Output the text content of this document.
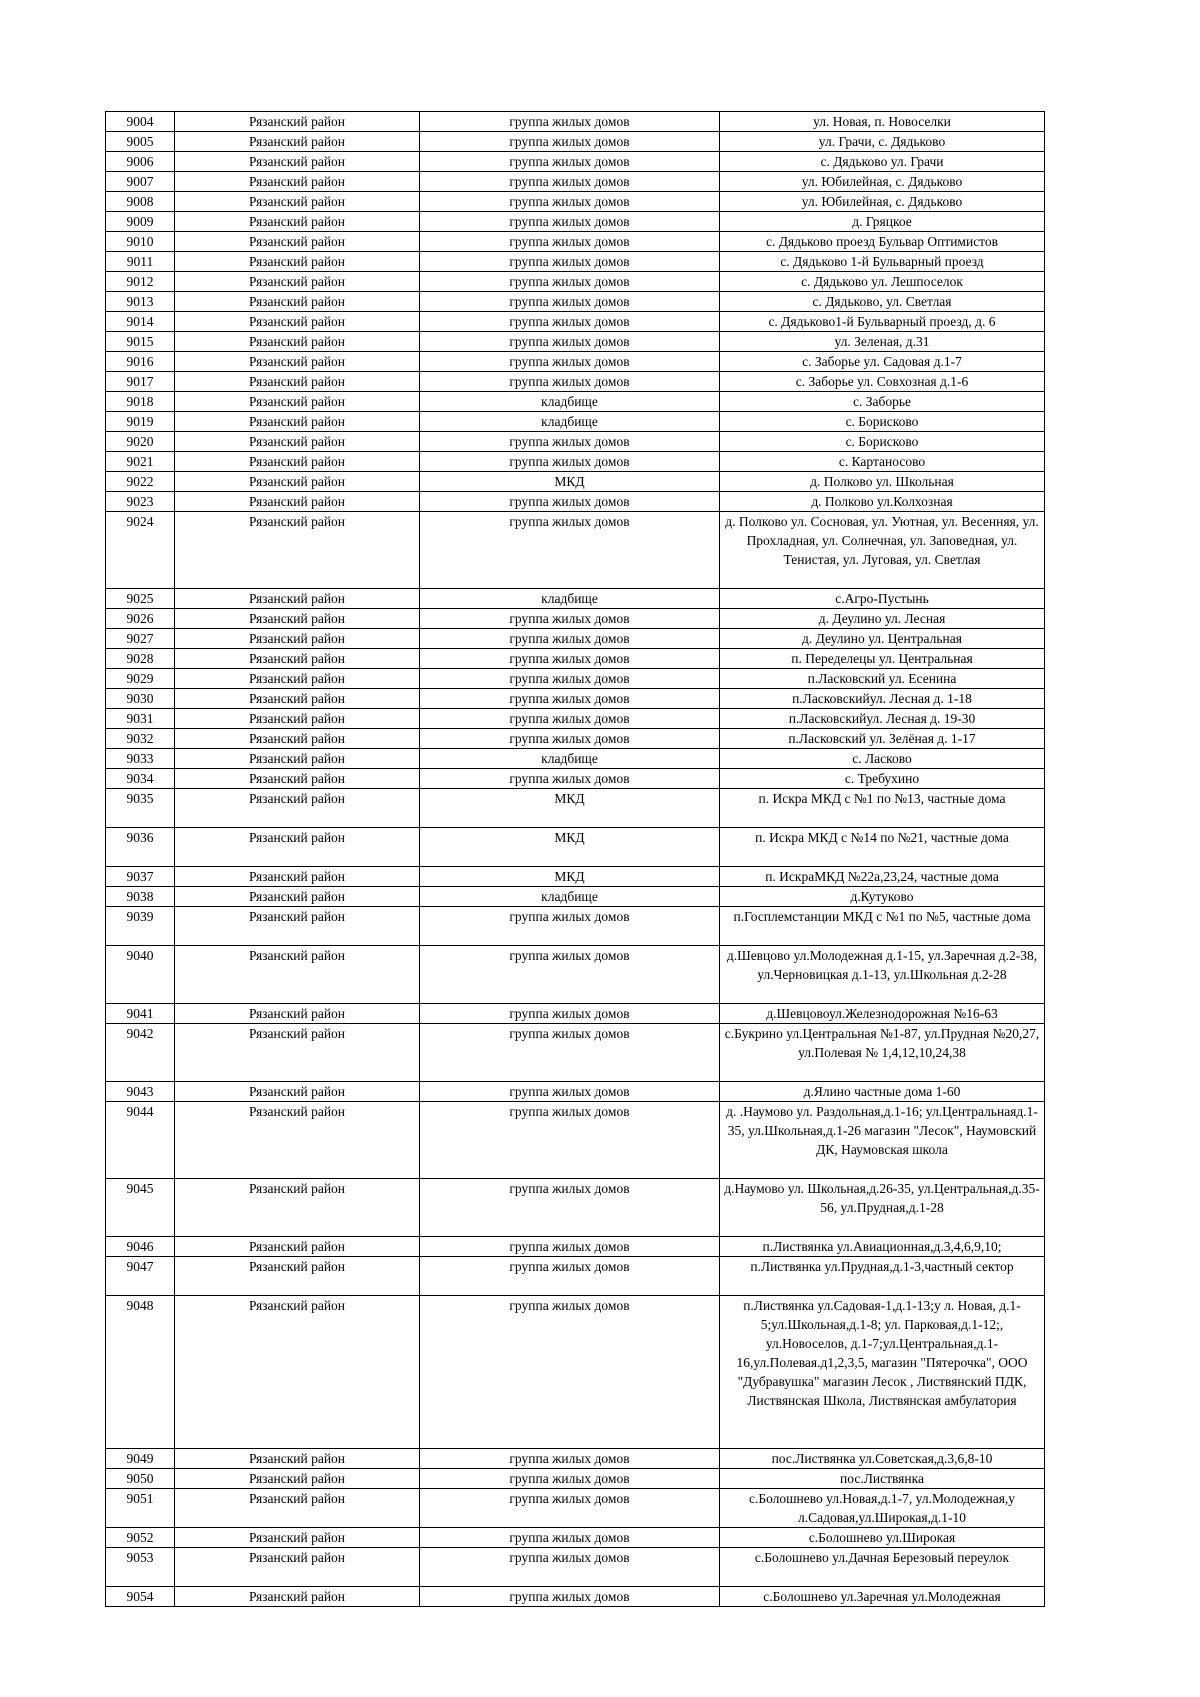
9004	Рязанский район	группа жилых домов	ул. Новая, п. Новоселки
9005	Рязанский район	группа жилых домов	ул. Грачи, с. Дядьково
9006	Рязанский район	группа жилых домов	с. Дядьково ул. Грачи
9007	Рязанский район	группа жилых домов	ул. Юбилейная, с. Дядьково
9008	Рязанский район	группа жилых домов	ул. Юбилейная, с. Дядьково
9009	Рязанский район	группа жилых домов	д. Гряцкое
9010	Рязанский район	группа жилых домов	с. Дядьково проезд Бульвар Оптимистов
9011	Рязанский район	группа жилых домов	с. Дядьково 1-й Бульварный проезд
9012	Рязанский район	группа жилых домов	с. Дядьково ул. Лешпоселок
9013	Рязанский район	группа жилых домов	с. Дядьково, ул. Светлая
9014	Рязанский район	группа жилых домов	с. Дядьково1-й Бульварный проезд, д. 6
9015	Рязанский район	группа жилых домов	ул. Зеленая, д.31
9016	Рязанский район	группа жилых домов	с. Заборье ул. Садовая д.1-7
9017	Рязанский район	группа жилых домов	с. Заборье ул. Совхозная д.1-6
9018	Рязанский район	кладбище	с. Заборье
9019	Рязанский район	кладбище	с. Борисково
9020	Рязанский район	группа жилых домов	с. Борисково
9021	Рязанский район	группа жилых домов	с. Картаносово
9022	Рязанский район	МКД	д. Полково ул. Школьная
9023	Рязанский район	группа жилых домов	д. Полково ул.Колхозная
9024	Рязанский район	группа жилых домов	д. Полково ул. Сосновая, ул. Уютная, ул. Весенняя, ул. Прохладная, ул. Солнечная, ул. Заповедная, ул. Тенистая, ул. Луговая, ул. Светлая
9025	Рязанский район	кладбище	с.Агро-Пустынь
9026	Рязанский район	группа жилых домов	д. Деулино ул. Лесная
9027	Рязанский район	группа жилых домов	д. Деулино ул. Центральная
9028	Рязанский район	группа жилых домов	п. Переделецы ул. Центральная
9029	Рязанский район	группа жилых домов	п.Ласковский ул. Есенина
9030	Рязанский район	группа жилых домов	п.Ласковскийул. Лесная д. 1-18
9031	Рязанский район	группа жилых домов	п.Ласковскийул. Лесная д. 19-30
9032	Рязанский район	группа жилых домов	п.Ласковский ул. Зелёная д. 1-17
9033	Рязанский район	кладбище	с. Ласково
9034	Рязанский район	группа жилых домов	с. Требухино
9035	Рязанский район	МКД	п. Искра МКД с №1 по №13, частные дома
9036	Рязанский район	МКД	п. Искра МКД с №14 по №21, частные дома
9037	Рязанский район	МКД	п. ИскраМКД №22а,23,24, частные дома
9038	Рязанский район	кладбище	д.Кутуково
9039	Рязанский район	группа жилых домов	п.Госплемстанции МКД с №1 по №5, частные дома
9040	Рязанский район	группа жилых домов	д.Шевцово ул.Молодежная д.1-15, ул.Заречная д.2-38, ул.Черновицкая д.1-13, ул.Школьная д.2-28
9041	Рязанский район	группа жилых домов	д.Шевцовоул.Железнодорожная №16-63
9042	Рязанский район	группа жилых домов	с.Букрино ул.Центральная №1-87, ул.Прудная №20,27, ул.Полевая № 1,4,12,10,24,38
9043	Рязанский район	группа жилых домов	д.Ялино частные дома 1-60
9044	Рязанский район	группа жилых домов	д. .Наумово ул. Раздольная,д.1-16; ул.Центральнаяд.1-35, ул.Школьная,д.1-26 магазин "Лесок", Наумовский ДК, Наумовская школа
9045	Рязанский район	группа жилых домов	д.Наумово ул. Школьная,д.26-35, ул.Центральная,д.35-56, ул.Прудная,д.1-28
9046	Рязанский район	группа жилых домов	п.Листвянка ул.Авиационная,д.3,4,6,9,10;
9047	Рязанский район	группа жилых домов	п.Листвянка ул.Прудная,д.1-3,частный сектор
9048	Рязанский район	группа жилых домов	п.Листвянка ул.Садовая-1,д.1-13;у л. Новая, д.1-5;ул.Школьная,д.1-8; ул. Парковая,д.1-12;, ул.Новоселов, д.1-7;ул.Центральная,д.1-16,ул.Полевая.д1,2,3,5, магазин "Пятерочка", ООО "Дубравушка" магазин Лесок , Листвянский ПДК, Листвянская Школа, Листвянская амбулатория
9049	Рязанский район	группа жилых домов	пос.Листвянка ул.Советская,д.3,6,8-10
9050	Рязанский район	группа жилых домов	пос.Листвянка
9051	Рязанский район	группа жилых домов	с.Болошнево ул.Новая,д.1-7, ул.Молодежная,у л.Садовая,ул.Широкая,д.1-10
9052	Рязанский район	группа жилых домов	с.Болошнево ул.Широкая
9053	Рязанский район	группа жилых домов	с.Болошнево ул.Дачная Березовый переулок
9054	Рязанский район	группа жилых домов	с.Болошнево ул.Заречная ул.Молодежная
